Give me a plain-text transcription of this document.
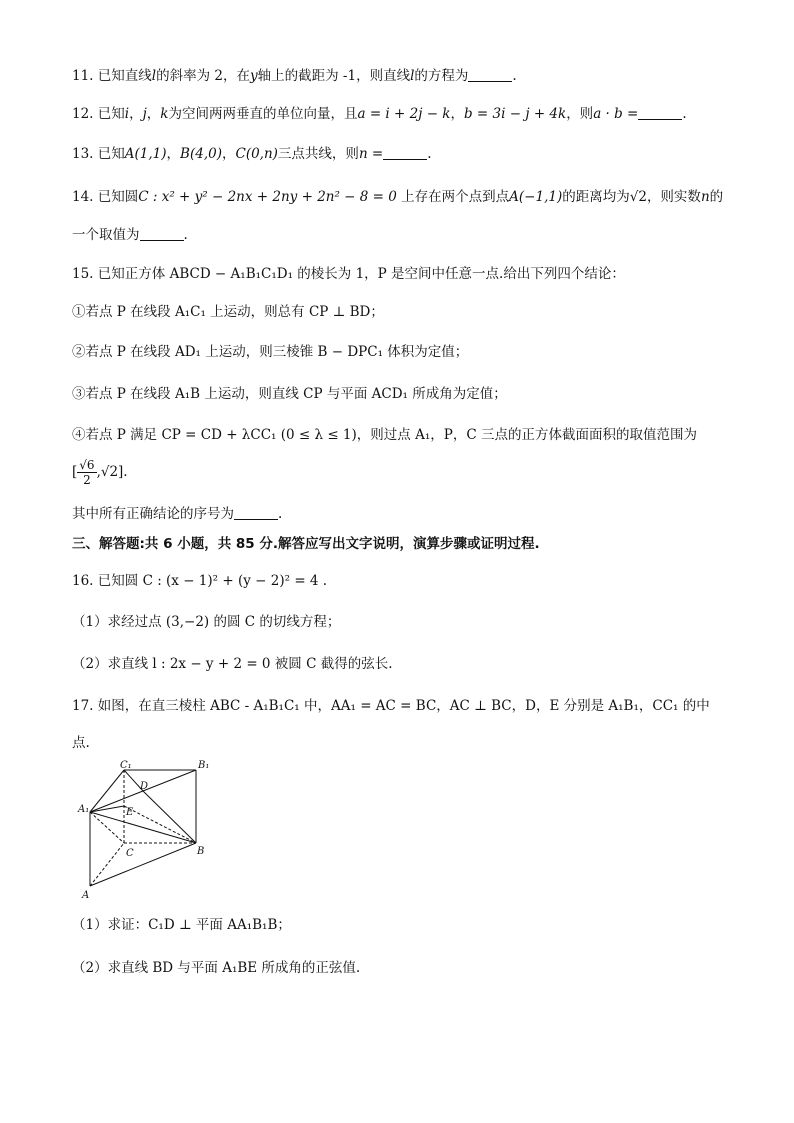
11. 已知直线l的斜率为 2，在y轴上的截距为 -1，则直线l的方程为	.
12. 已知i，j，k为空间两两垂直的单位向量，且a = i + 2j − k，b = 3i − j + 4k，则a · b =	.
13. 已知A(1,1)，B(4,0)，C(0,n)三点共线，则n =	.
14. 已知圆C : x² + y² − 2nx + 2ny + 2n² − 8 = 0 上存在两个点到点A(−1,1)的距离均为√2，则实数n的
一个取值为	.
15. 已知正方体 ABCD − A₁B₁C₁D₁ 的棱长为 1，P 是空间中任意一点.给出下列四个结论：
①若点 P 在线段 A₁C₁ 上运动，则总有 CP ⊥ BD；
②若点 P 在线段 AD₁ 上运动，则三棱锥 B − DPC₁ 体积为定值；
③若点 P 在线段 A₁B 上运动，则直线 CP 与平面 ACD₁ 所成角为定值；
④若点 P 满足 CP = CD + λCC₁ (0 ≤ λ ≤ 1)，则过点 A₁，P，C 三点的正方体截面面积的取值范围为
[ $\frac{√6}{2} ,√2$].
其中所有正确结论的序号为	.
三、解答题:共 6 小题，共 85 分.解答应写出文字说明，演算步骤或证明过程.
16. 已知圆 C : (x − 1)² + (y − 2)² = 4 .
（1）求经过点 (3,−2) 的圆 C 的切线方程；
（2）求直线 l : 2x − y + 2 = 0 被圆 C 截得的弦长.
17. 如图，在直三棱柱 ABC - A₁B₁C₁ 中，AA₁ = AC = BC，AC ⊥ BC，D，E 分别是 A₁B₁，CC₁ 的中
点.
C₁	B₁
D
A₁	E
C	B
A
（1）求证：C₁D ⊥ 平面 AA₁B₁B；
（2）求直线 BD 与平面 A₁BE 所成角的正弦值.
